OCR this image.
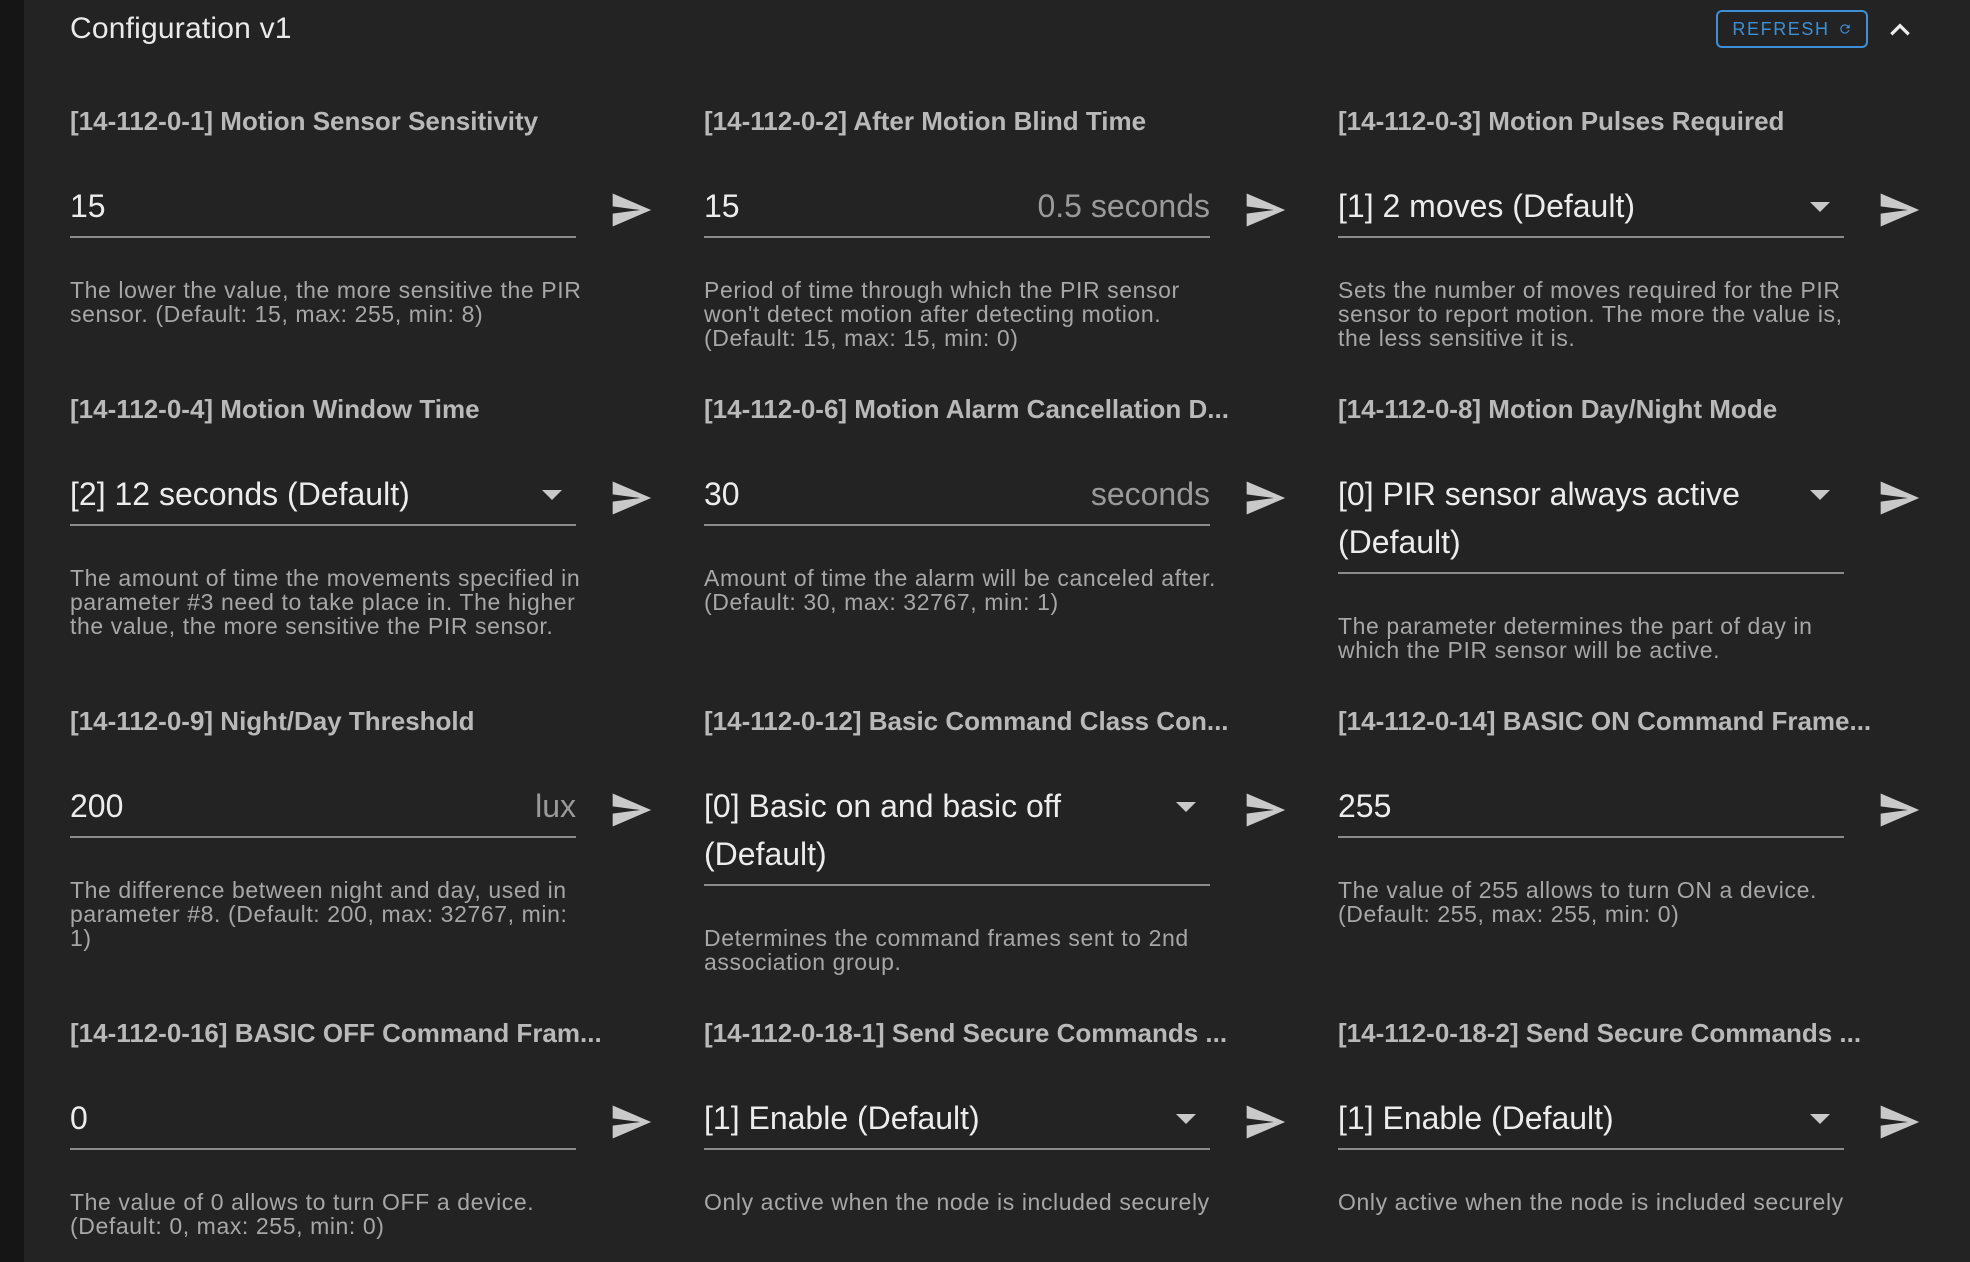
Configuration v1	REFRESH
[14-112-0-1] Motion Sensor Sensitivity
15
The lower the value, the more sensitive the PIR sensor. (Default: 15, max: 255, min: 8)
[14-112-0-2] After Motion Blind Time
15	0.5 seconds
Period of time through which the PIR sensor won't detect motion after detecting motion. (Default: 15, max: 15, min: 0)
[14-112-0-3] Motion Pulses Required
[1] 2 moves (Default)
Sets the number of moves required for the PIR sensor to report motion. The more the value is, the less sensitive it is.
[14-112-0-4] Motion Window Time
[2] 12 seconds (Default)
The amount of time the movements specified in parameter #3 need to take place in. The higher the value, the more sensitive the PIR sensor.
[14-112-0-6] Motion Alarm Cancellation D...
30	seconds
Amount of time the alarm will be canceled after. (Default: 30, max: 32767, min: 1)
[14-112-0-8] Motion Day/Night Mode
[0] PIR sensor always active (Default)
The parameter determines the part of day in which the PIR sensor will be active.
[14-112-0-9] Night/Day Threshold
200	lux
The difference between night and day, used in parameter #8. (Default: 200, max: 32767, min: 1)
[14-112-0-12] Basic Command Class Con...
[0] Basic on and basic off (Default)
Determines the command frames sent to 2nd association group.
[14-112-0-14] BASIC ON Command Frame...
255
The value of 255 allows to turn ON a device. (Default: 255, max: 255, min: 0)
[14-112-0-16] BASIC OFF Command Fram...
0
The value of 0 allows to turn OFF a device. (Default: 0, max: 255, min: 0)
[14-112-0-18-1] Send Secure Commands ...
[1] Enable (Default)
Only active when the node is included securely
[14-112-0-18-2] Send Secure Commands ...
[1] Enable (Default)
Only active when the node is included securely
